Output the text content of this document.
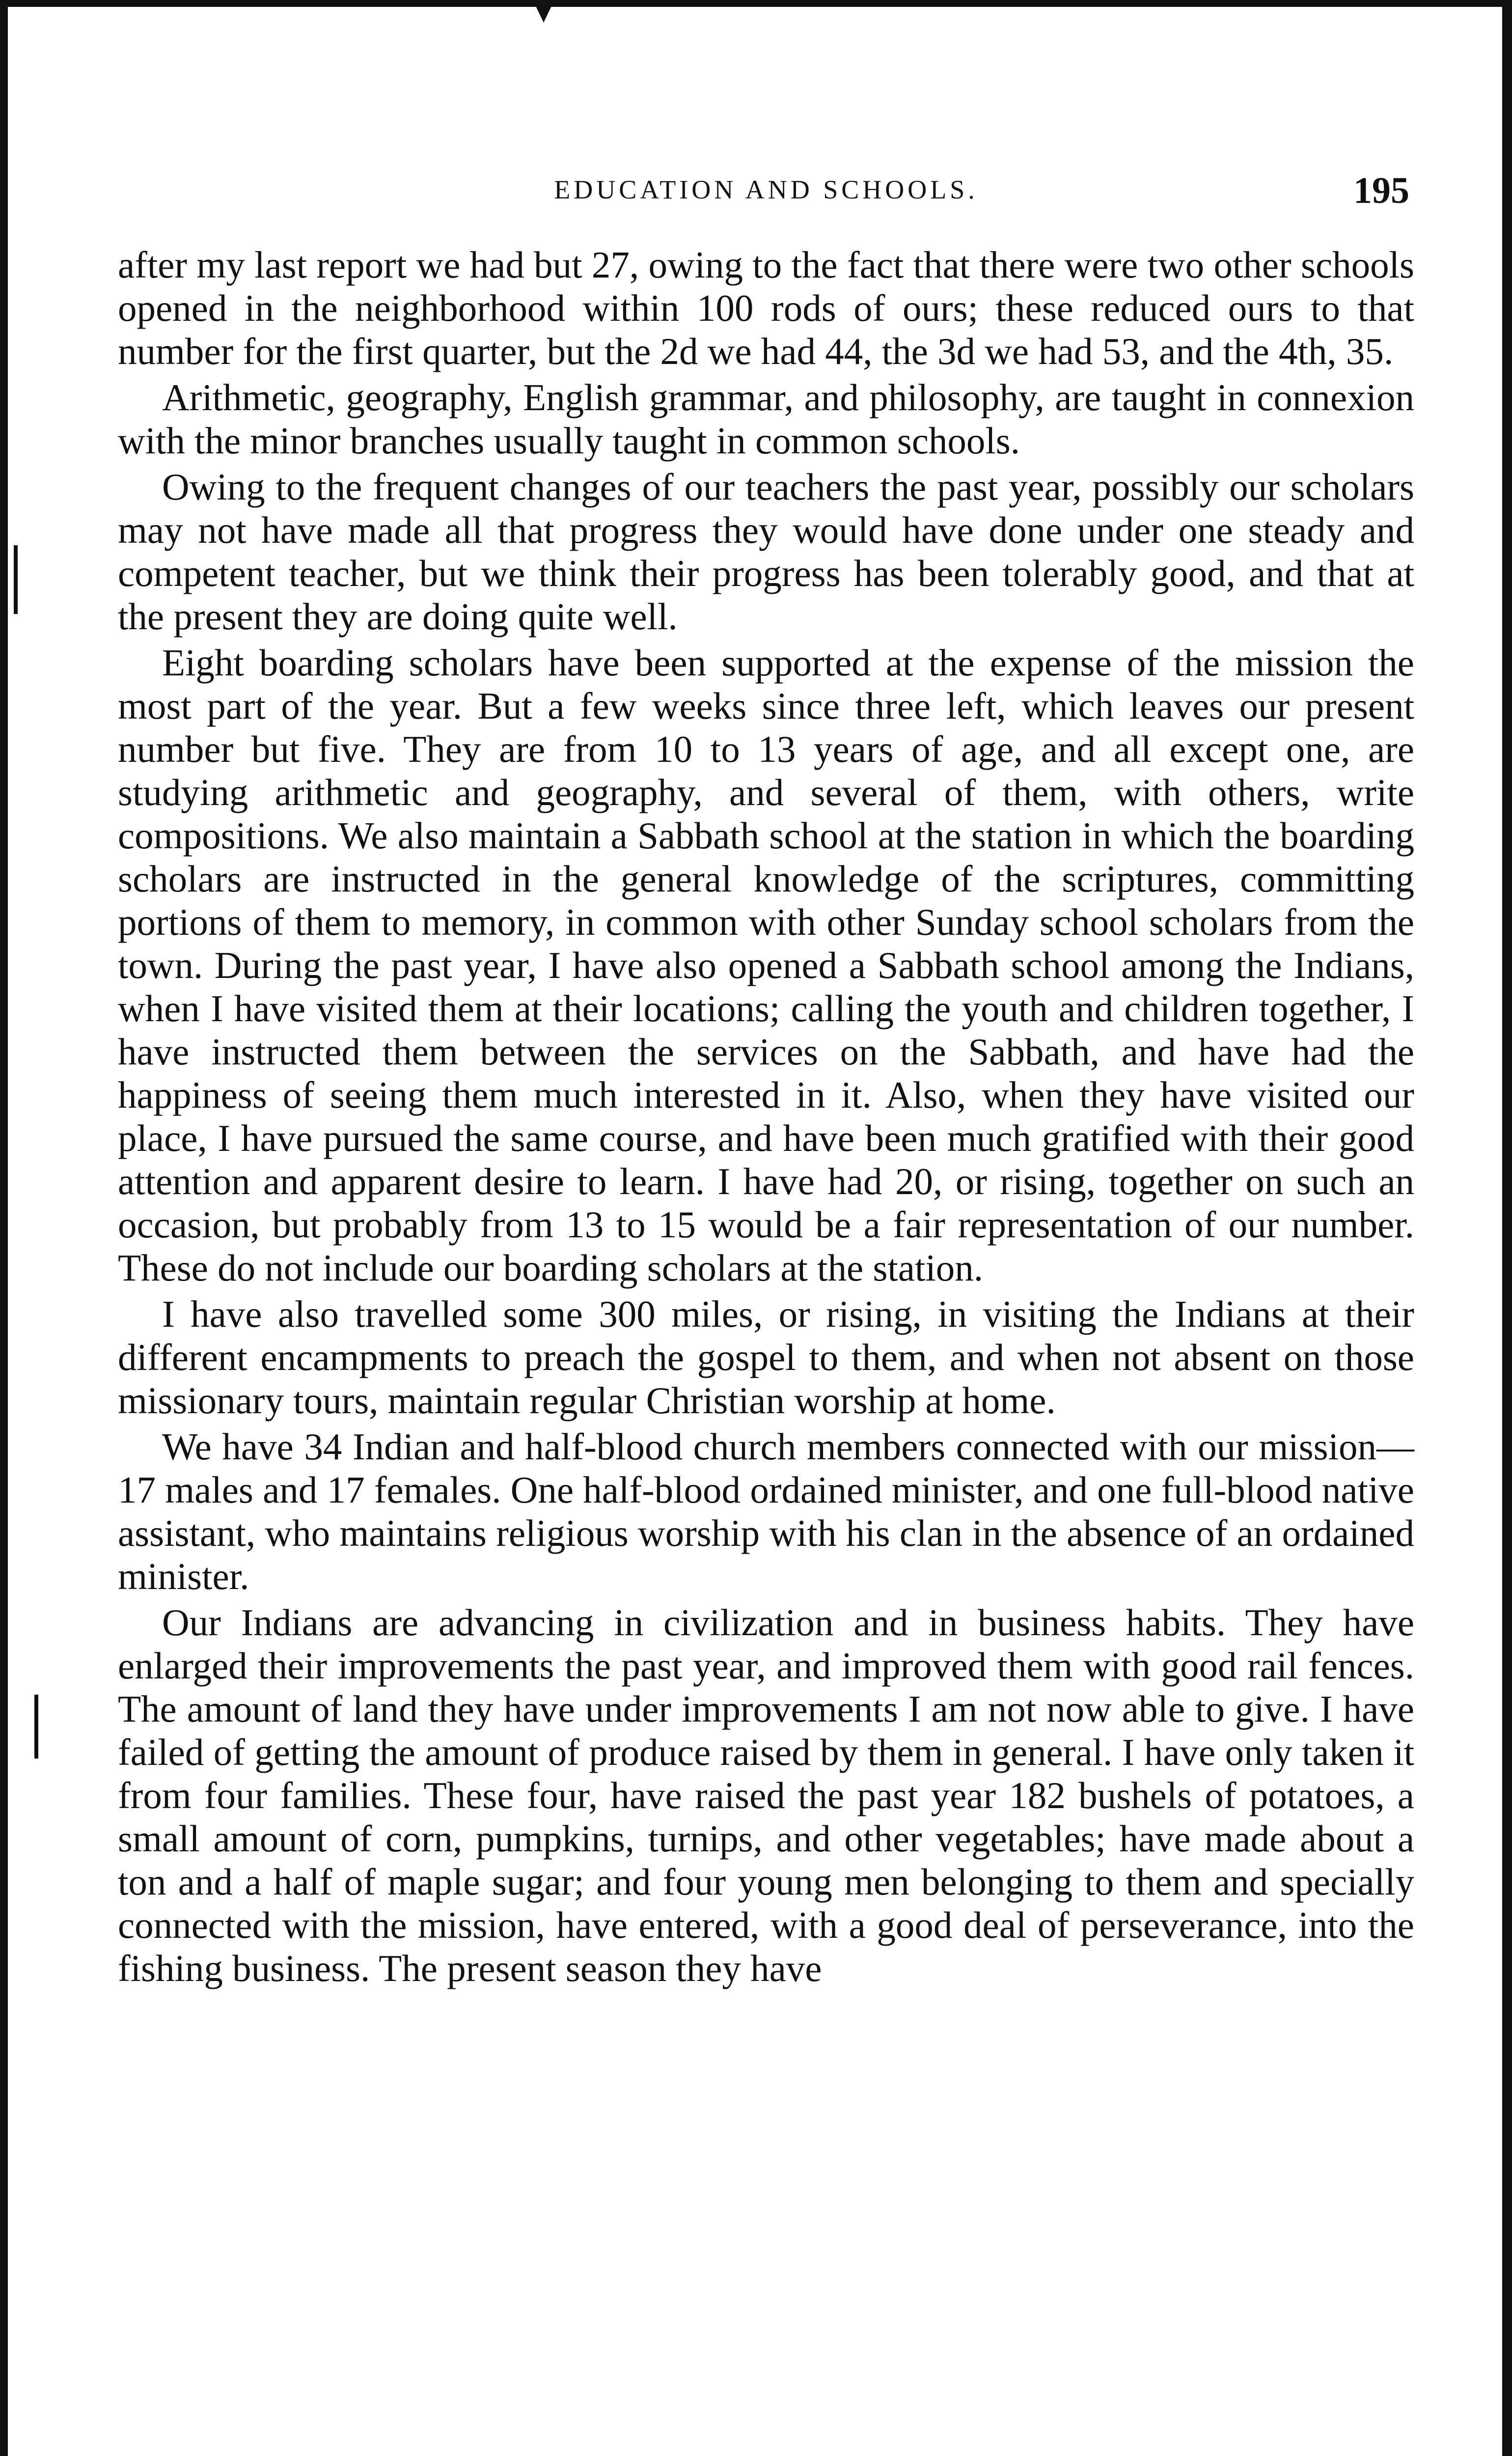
EDUCATION AND SCHOOLS.	195

after my last report we had but 27, owing to the fact that there were two other schools opened in the neighborhood within 100 rods of ours; these reduced ours to that number for the first quarter, but the 2d we had 44, the 3d we had 53, and the 4th, 35.

Arithmetic, geography, English grammar, and philosophy, are taught in connexion with the minor branches usually taught in common schools.

Owing to the frequent changes of our teachers the past year, possibly our scholars may not have made all that progress they would have done under one steady and competent teacher, but we think their progress has been tolerably good, and that at the present they are doing quite well.

Eight boarding scholars have been supported at the expense of the mission the most part of the year. But a few weeks since three left, which leaves our present number but five. They are from 10 to 13 years of age, and all except one, are studying arithmetic and geography, and several of them, with others, write compositions. We also maintain a Sabbath school at the station in which the boarding scholars are instructed in the general knowledge of the scriptures, committing portions of them to memory, in common with other Sunday school scholars from the town. During the past year, I have also opened a Sabbath school among the Indians, when I have visited them at their locations; calling the youth and children together, I have instructed them between the services on the Sabbath, and have had the happiness of seeing them much interested in it. Also, when they have visited our place, I have pursued the same course, and have been much gratified with their good attention and apparent desire to learn. I have had 20, or rising, together on such an occasion, but probably from 13 to 15 would be a fair representation of our number. These do not include our boarding scholars at the station.

I have also travelled some 300 miles, or rising, in visiting the Indians at their different encampments to preach the gospel to them, and when not absent on those missionary tours, maintain regular Christian worship at home.

We have 34 Indian and half-blood church members connected with our mission—17 males and 17 females. One half-blood ordained minister, and one full-blood native assistant, who maintains religious worship with his clan in the absence of an ordained minister.

Our Indians are advancing in civilization and in business habits. They have enlarged their improvements the past year, and improved them with good rail fences. The amount of land they have under improvements I am not now able to give. I have failed of getting the amount of produce raised by them in general. I have only taken it from four families. These four, have raised the past year 182 bushels of potatoes, a small amount of corn, pumpkins, turnips, and other vegetables; have made about a ton and a half of maple sugar; and four young men belonging to them and specially connected with the mission, have entered, with a good deal of perseverance, into the fishing business. The present season they have
